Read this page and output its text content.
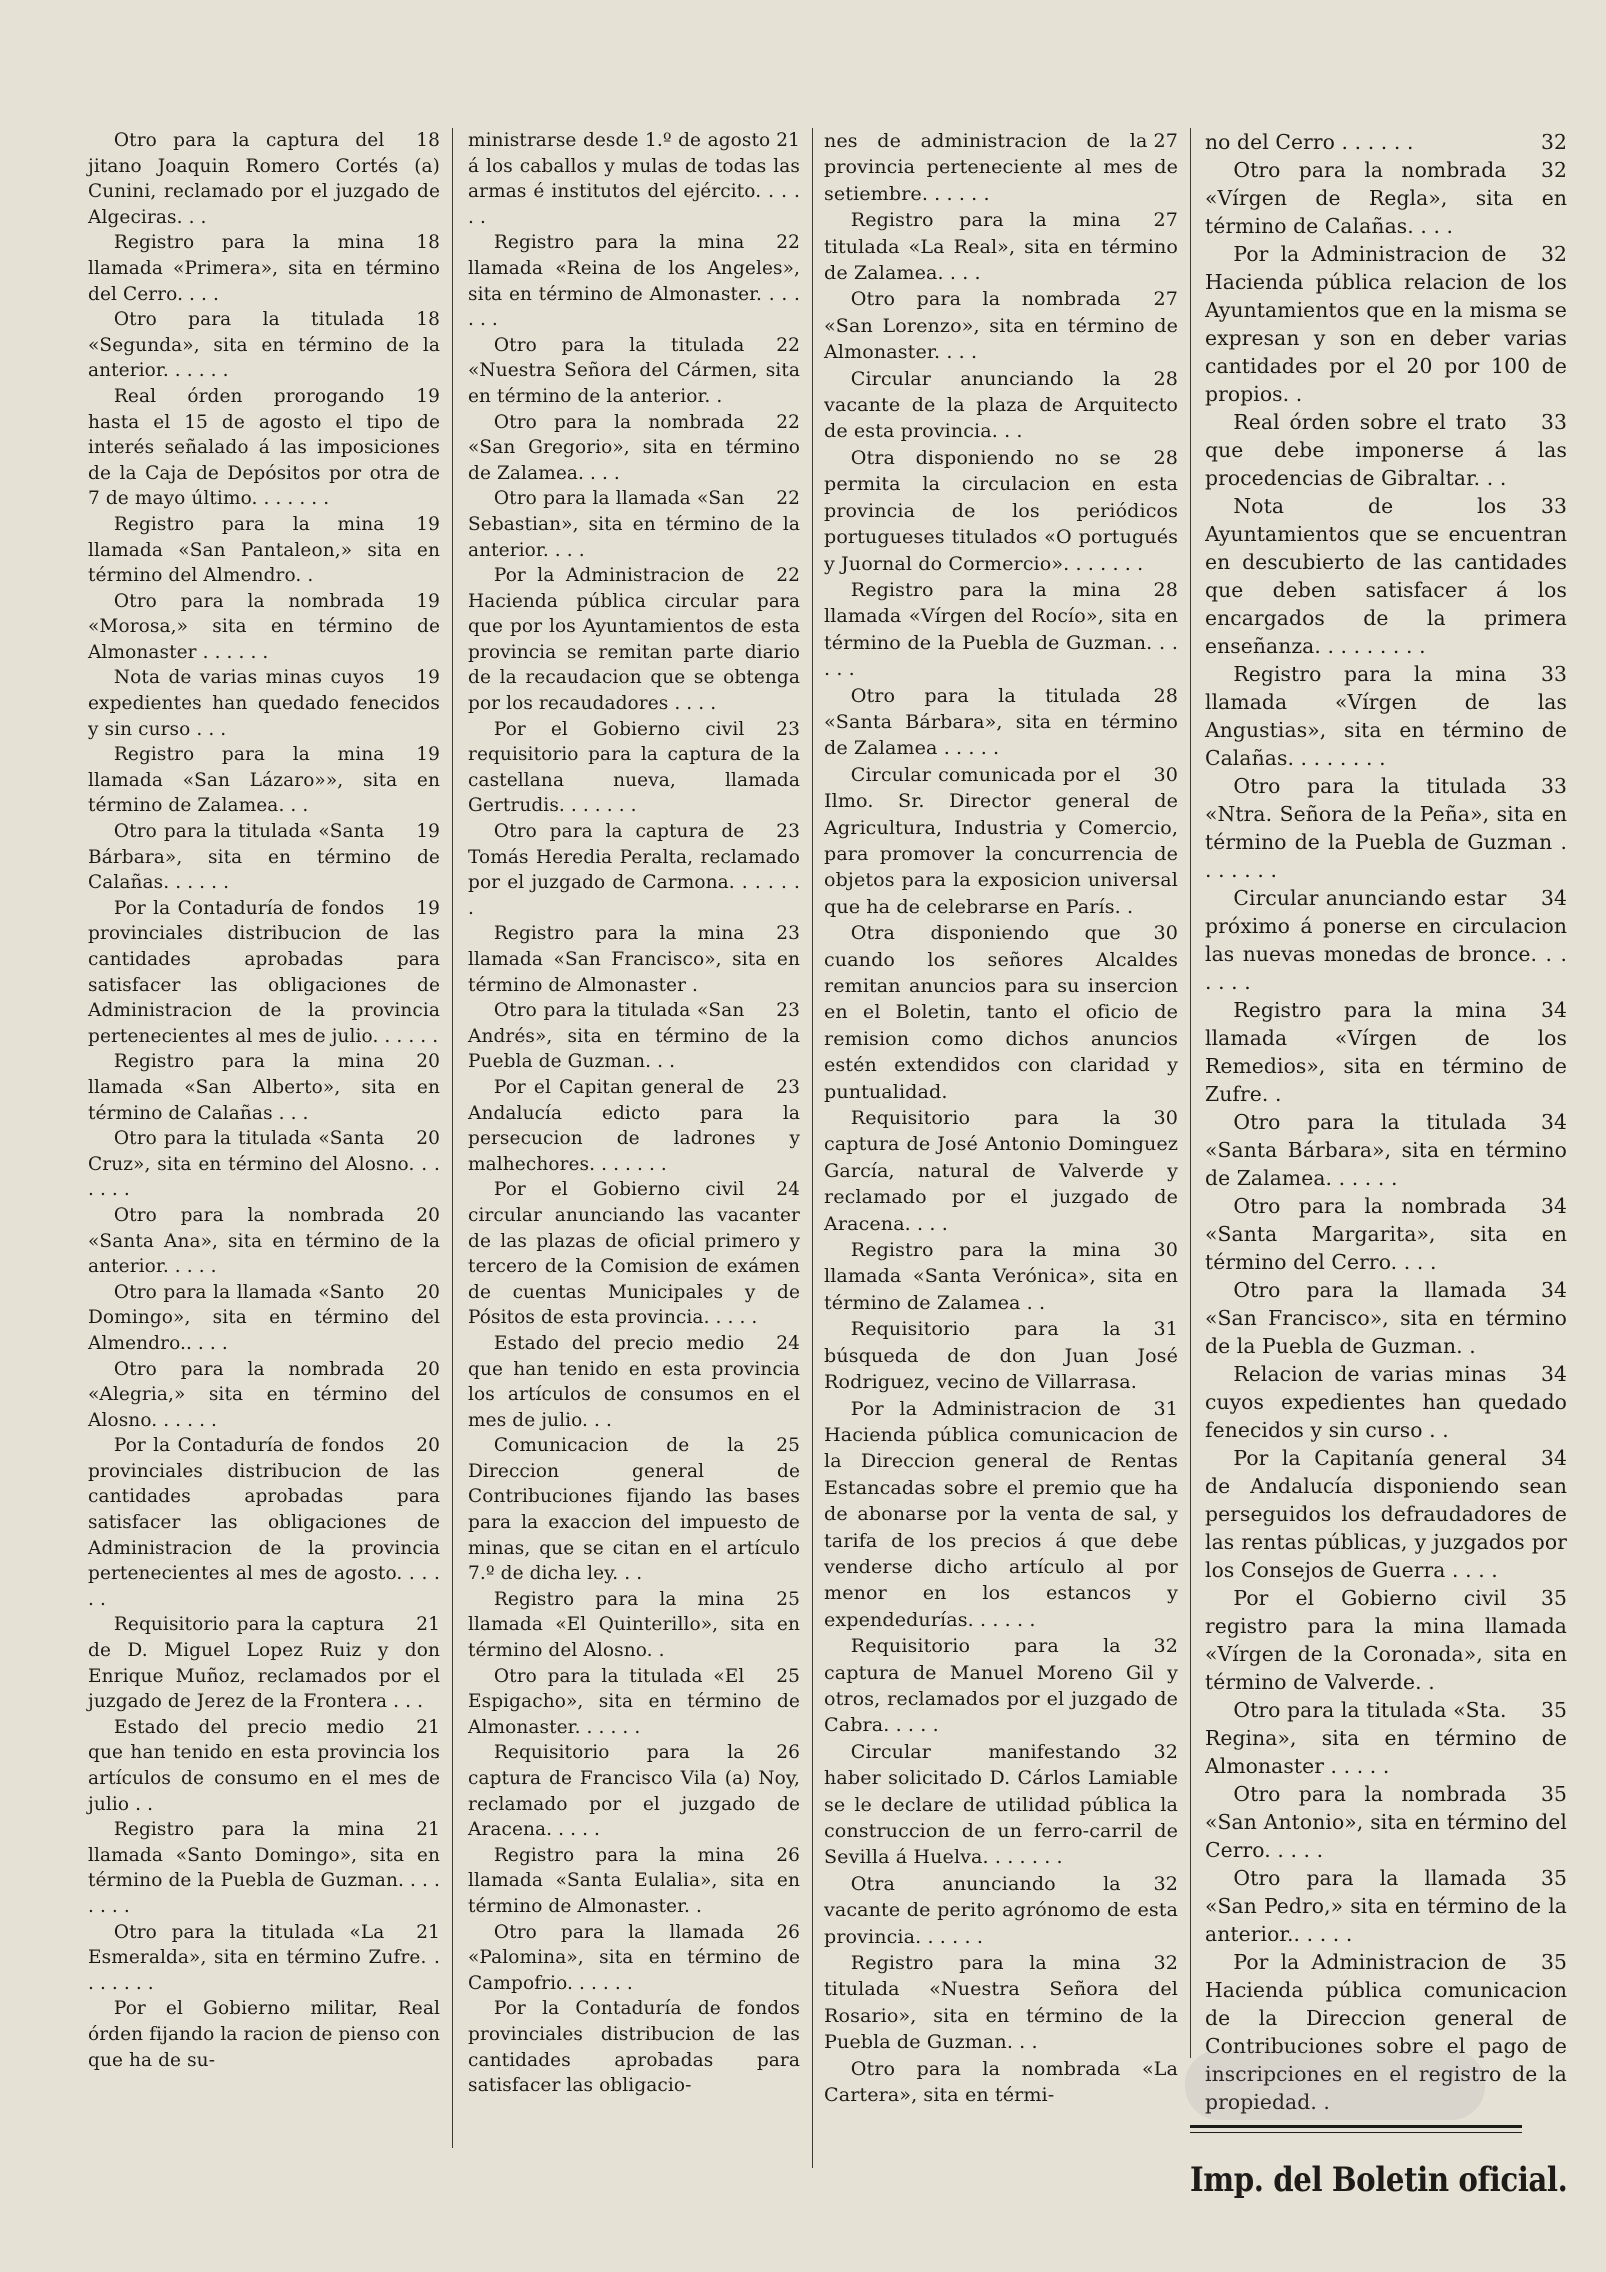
18
Otro para la captura del jitano Joaquin Romero Cortés (a) Cunini, reclamado por el juzgado de Algeciras. . .

18
Registro para la mina llamada «Primera», sita en término del Cerro. . . .

18
Otro para la titulada «Segunda», sita en término de la anterior. . . . . .

19
Real órden prorogando hasta el 15 de agosto el tipo de interés señalado á las imposiciones de la Caja de Depósitos por otra de 7 de mayo último. . . . . . .

19
Registro para la mina llamada «San Pantaleon,» sita en término del Almendro. .

19
Otro para la nombrada «Morosa,» sita en término de Almonaster . . . . . .

19
Nota de varias minas cuyos expedientes han quedado fenecidos y sin curso . . .

19
Registro para la mina llamada «San Lázaro»», sita en término de Zalamea. . .

19
Otro para la titulada «Santa Bárbara», sita en término de Calañas. . . . . .

19
Por la Contaduría de fondos provinciales distribucion de las cantidades aprobadas para satisfacer las obligaciones de Administracion de la provincia pertenecientes al mes de julio. . . . . .

20
Registro para la mina llamada «San Alberto», sita en término de Calañas . . .

20
Otro para la titulada «Santa Cruz», sita en término del Alosno. . . . . . .

20
Otro para la nombrada «Santa Ana», sita en término de la anterior. . . . .

20
Otro para la llamada «Santo Domingo», sita en término del Almendro.. . . .

20
Otro para la nombrada «Alegria,» sita en término del Alosno. . . . . .

20
Por la Contaduría de fondos provinciales distribucion de las cantidades aprobadas para satisfacer las obligaciones de Administracion de la provincia pertenecientes al mes de agosto. . . . . .

21
Requisitorio para la captura de D. Miguel Lopez Ruiz y don Enrique Muñoz, reclamados por el juzgado de Jerez de la Frontera . . .

21
Estado del precio medio que han tenido en esta provincia los artículos de consumo en el mes de julio . .

21
Registro para la mina llamada «Santo Domingo», sita en término de la Puebla de Guzman. . . . . . . .

21
Otro para la titulada «La Esmeralda», sita en término Zufre. . . . . . . .

Por el Gobierno militar, Real órden fijando la racion de pienso con que ha de su-

21
ministrarse desde 1.º de agosto á los caballos y mulas de todas las armas é institutos del ejército. . . . . .

22
Registro para la mina llamada «Reina de los Angeles», sita en término de Almonaster. . . . . . .

22
Otro para la titulada «Nuestra Señora del Cármen, sita en término de la anterior. .

22
Otro para la nombrada «San Gregorio», sita en término de Zalamea. . . .

22
Otro para la llamada «San Sebastian», sita en término de la anterior. . . .

22
Por la Administracion de Hacienda pública circular para que por los Ayuntamientos de esta provincia se remitan parte diario de la recaudacion que se obtenga por los recaudadores . . . .

23
Por el Gobierno civil requisitorio para la captura de la castellana nueva, llamada Gertrudis. . . . . . .

23
Otro para la captura de Tomás Heredia Peralta, reclamado por el juzgado de Carmona. . . . . . .

23
Registro para la mina llamada «San Francisco», sita en término de Almonaster .

23
Otro para la titulada «San Andrés», sita en término de la Puebla de Guzman. . .

23
Por el Capitan general de Andalucía edicto para la persecucion de ladrones y malhechores. . . . . . .

24
Por el Gobierno civil circular anunciando las vacanter de las plazas de oficial primero y tercero de la Comision de exámen de cuentas Municipales y de Pósitos de esta provincia. . . . .

24
Estado del precio medio que han tenido en esta provincia los artículos de consumos en el mes de julio. . .

25
Comunicacion de la Direccion general de Contribuciones fijando las bases para la exaccion del impuesto de minas, que se citan en el artículo 7.º de dicha ley. . .

25
Registro para la mina llamada «El Quinterillo», sita en término del Alosno. .

25
Otro para la titulada «El Espigacho», sita en término de Almonaster. . . . . .

26
Requisitorio para la captura de Francisco Vila (a) Noy, reclamado por el juzgado de Aracena. . . . .

26
Registro para la mina llamada «Santa Eulalia», sita en término de Almonaster. .

26
Otro para la llamada «Palomina», sita en término de Campofrio. . . . . .

Por la Contaduría de fondos provinciales distribucion de las cantidades aprobadas para satisfacer las obligacio-

27
nes de administracion de la provincia perteneciente al mes de setiembre. . . . . .

27
Registro para la mina titulada «La Real», sita en término de Zalamea. . . .

27
Otro para la nombrada «San Lorenzo», sita en término de Almonaster. . . .

28
Circular anunciando la vacante de la plaza de Arquitecto de esta provincia. . .

28
Otra disponiendo no se permita la circulacion en esta provincia de los periódicos portugueses titulados «O portugués y Juornal do Cormercio». . . . . . .

28
Registro para la mina llamada «Vírgen del Rocío», sita en término de la Puebla de Guzman. . . . . .

28
Otro para la titulada «Santa Bárbara», sita en término de Zalamea . . . . .

30
Circular comunicada por el Ilmo. Sr. Director general de Agricultura, Industria y Comercio, para promover la concurrencia de objetos para la exposicion universal que ha de celebrarse en París. .

30
Otra disponiendo que cuando los señores Alcaldes remitan anuncios para su insercion en el Boletin, tanto el oficio de remision como dichos anuncios estén extendidos con claridad y puntualidad.

30
Requisitorio para la captura de José Antonio Dominguez García, natural de Valverde y reclamado por el juzgado de Aracena. . . .

30
Registro para la mina llamada «Santa Verónica», sita en término de Zalamea . .

31
Requisitorio para la búsqueda de don Juan José Rodriguez, vecino de Villarrasa.

31
Por la Administracion de Hacienda pública comunicacion de la Direccion general de Rentas Estancadas sobre el premio que ha de abonarse por la venta de sal, y tarifa de los precios á que debe venderse dicho artículo al por menor en los estancos y expendedurías. . . . . .

32
Requisitorio para la captura de Manuel Moreno Gil y otros, reclamados por el juzgado de Cabra. . . . .

32
Circular manifestando haber solicitado D. Cárlos Lamiable se le declare de utilidad pública la construccion de un ferro-carril de Sevilla á Huelva. . . . . . .

32
Otra anunciando la vacante de perito agrónomo de esta provincia. . . . . .

32
Registro para la mina titulada «Nuestra Señora del Rosario», sita en término de la Puebla de Guzman. . .

Otro para la nombrada «La Cartera», sita en térmi-

32
no del Cerro . . . . . .

32
Otro para la nombrada «Vírgen de Regla», sita en término de Calañas. . . .

32
Por la Administracion de Hacienda pública relacion de los Ayuntamientos que en la misma se expresan y son en deber varias cantidades por el 20 por 100 de propios. .

33
Real órden sobre el trato que debe imponerse á las procedencias de Gibraltar. . .

33
Nota de los Ayuntamientos que se encuentran en descubierto de las cantidades que deben satisfacer á los encargados de la primera enseñanza. . . . . . . . .

33
Registro para la mina llamada «Vírgen de las Angustias», sita en término de Calañas. . . . . . . .

33
Otro para la titulada «Ntra. Señora de la Peña», sita en término de la Puebla de Guzman . . . . . . .

34
Circular anunciando estar próximo á ponerse en circulacion las nuevas monedas de bronce. . . . . . .

34
Registro para la mina llamada «Vírgen de los Remedios», sita en término de Zufre. .

34
Otro para la titulada «Santa Bárbara», sita en término de Zalamea. . . . . .

34
Otro para la nombrada «Santa Margarita», sita en término del Cerro. . . .

34
Otro para la llamada «San Francisco», sita en término de la Puebla de Guzman. .

34
Relacion de varias minas cuyos expedientes han quedado fenecidos y sin curso . .

34
Por la Capitanía general de Andalucía disponiendo sean perseguidos los defraudadores de las rentas públicas, y juzgados por los Consejos de Guerra . . . .

35
Por el Gobierno civil registro para la mina llamada «Vírgen de la Coronada», sita en término de Valverde. .

35
Otro para la titulada «Sta. Regina», sita en término de Almonaster . . . . .

35
Otro para la nombrada «San Antonio», sita en término del Cerro. . . . .

35
Otro para la llamada «San Pedro,» sita en término de la anterior.. . . . .

35
Por la Administracion de Hacienda pública comunicacion de la Direccion general de Contribuciones sobre el pago de inscripciones en el registro de la propiedad. .

Imp. del Boletin oficial.
